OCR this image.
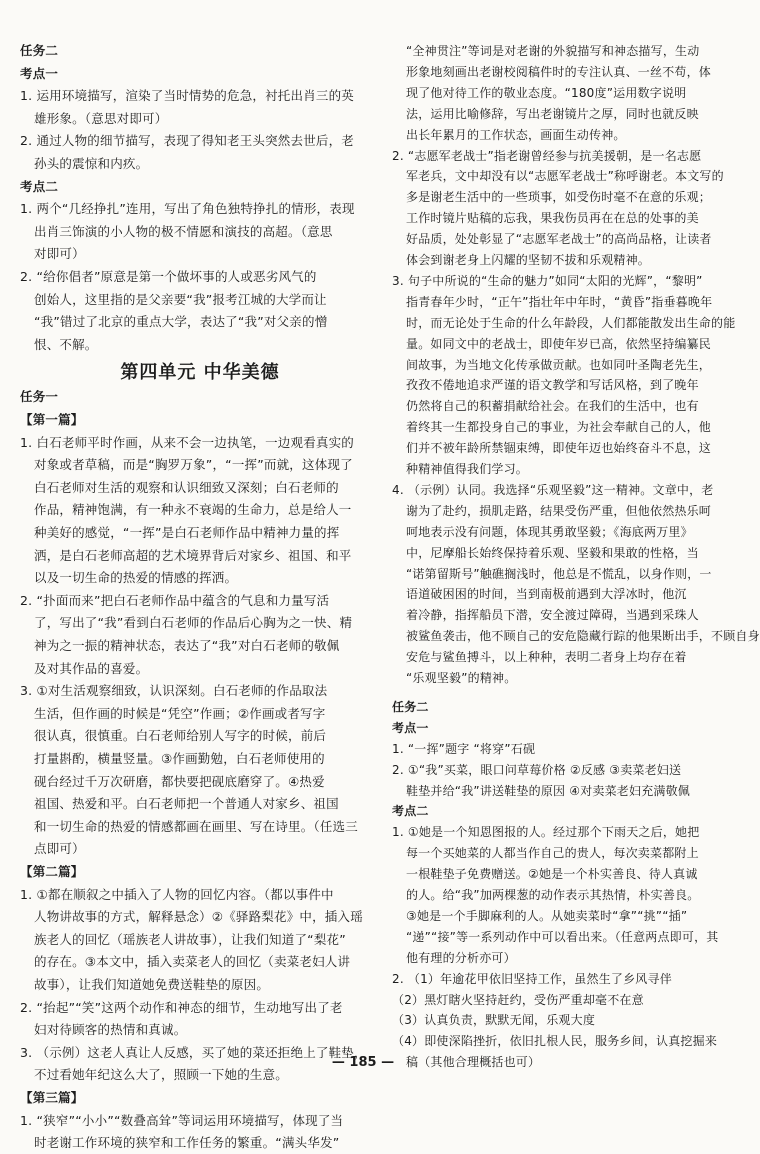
任务二
考点一
1. 运用环境描写，渲染了当时情势的危急，衬托出肖三的英
雄形象。（意思对即可）
2. 通过人物的细节描写，表现了得知老王头突然去世后，老
孙头的震惊和内疚。
考点二
1. 两个“几经挣扎”连用，写出了角色独特挣扎的情形，表现
出肖三饰演的小人物的极不情愿和演技的高超。（意思
对即可）
2. “给你倡者”原意是第一个做坏事的人或恶劣风气的
创始人，这里指的是父亲要“我”报考江城的大学而让
“我”错过了北京的重点大学，表达了“我”对父亲的憎
恨、不解。
第四单元 中华美德
任务一
【第一篇】
1. 白石老师平时作画，从来不会一边执笔，一边观看真实的
对象或者草稿，而是“胸罗万象”，“一挥”而就，这体现了
白石老师对生活的观察和认识细致又深刻；白石老师的
作品，精神饱满，有一种永不衰竭的生命力，总是给人一
种美好的感觉，“一挥”是白石老师作品中精神力量的挥
洒，是白石老师高超的艺术境界背后对家乡、祖国、和平
以及一切生命的热爱的情感的挥洒。
2. “扑面而来”把白石老师作品中蕴含的气息和力量写活
了，写出了“我”看到白石老师的作品后心胸为之一快、精
神为之一振的精神状态，表达了“我”对白石老师的敬佩
及对其作品的喜爱。
3. ①对生活观察细致，认识深刻。白石老师的作品取法
生活，但作画的时候是“凭空”作画；②作画或者写字
很认真，很慎重。白石老师给别人写字的时候，前后
打量斟酌，横量竖量。③作画勤勉，白石老师使用的
砚台经过千万次研磨，都快要把砚底磨穿了。④热爱
祖国、热爱和平。白石老师把一个普通人对家乡、祖国
和一切生命的热爱的情感都画在画里、写在诗里。（任选三
点即可）
【第二篇】
1. ①都在顺叙之中插入了人物的回忆内容。（都以事件中
人物讲故事的方式，解释悬念）②《驿路梨花》中，插入瑶
族老人的回忆（瑶族老人讲故事），让我们知道了“梨花”
的存在。③本文中，插入卖菜老人的回忆（卖菜老妇人讲
故事），让我们知道她免费送鞋垫的原因。
2. “抬起”“笑”这两个动作和神态的细节，生动地写出了老
妇对待顾客的热情和真诚。
3. （示例）这老人真让人反感，买了她的菜还拒绝上了鞋垫，
不过看她年纪这么大了，照顾一下她的生意。
【第三篇】
1. “狭窄”“小小”“数叠高耸”等词运用环境描写，体现了当
时老谢工作环境的狭窄和工作任务的繁重。“满头华发”
“全神贯注”等词是对老谢的外貌描写和神态描写，生动
形象地刻画出老谢校阅稿件时的专注认真、一丝不苟，体
现了他对待工作的敬业态度。“180度”运用数字说明
法，运用比喻修辞，写出老谢镜片之厚，同时也就反映
出长年累月的工作状态，画面生动传神。
2. “志愿军老战士”指老谢曾经参与抗美援朝，是一名志愿
军老兵，文中却没有以“志愿军老战士”称呼谢老。本文写的
多是谢老生活中的一些琐事，如受伤时毫不在意的乐观；
工作时镜片贴稿的忘我，果我伤员再在在总的处事的美
好品质，处处彰显了“志愿军老战士”的高尚品格，让读者
体会到谢老身上闪耀的坚韧不拔和乐观精神。
3. 句子中所说的“生命的魅力”如同“太阳的光辉”，“黎明”
指青春年少时，“正午”指壮年中年时，“黄昏”指垂暮晚年
时，而无论处于生命的什么年龄段，人们都能散发出生命的能
量。如同文中的老战士，即使年岁已高，依然坚持编纂民
间故事，为当地文化传承做贡献。也如同叶圣陶老先生，
孜孜不倦地追求严谨的语文教学和写话风格，到了晚年
仍然将自己的积蓄捐献给社会。在我们的生活中，也有
着终其一生都投身自己的事业，为社会奉献自己的人，他
们并不被年龄所禁锢束缚，即使年迈也始终奋斗不息，这
种精神值得我们学习。
4. （示例）认同。我选择“乐观坚毅”这一精神。文章中，老
谢为了赴约，损肌走路，结果受伤严重，但他依然热乐呵
呵地表示没有问题，体现其勇敢坚毅；《海底两万里》
中，尼摩船长始终保持着乐观、坚毅和果敢的性格，当
“诺第留斯号”触礁搁浅时，他总是不慌乱，以身作则，一
语道破困困的时间，当到南极前遇到大浮冰时，他沉
着冷静，指挥船员下潜，安全渡过障碍，当遇到采珠人
被鲨鱼袭击，他不顾自己的安危隐藏行踪的他果断出手，不顾自身
安危与鲨鱼搏斗，以上种种，表明二者身上均存在着
“乐观坚毅”的精神。
任务二
考点一
1. “一挥”题字 “将穿”石砚
2. ①“我”买菜，眼口问草莓价格 ②反感 ③卖菜老妇送
鞋垫并给“我”讲送鞋垫的原因 ④对卖菜老妇充满敬佩
考点二
1. ①她是一个知恩图报的人。经过那个下雨天之后，她把
每一个买她菜的人都当作自己的贵人，每次卖菜都附上
一根鞋垫子免费赠送。②她是一个朴实善良、待人真诚
的人。给“我”加两棵葱的动作表示其热情，朴实善良。
③她是一个手脚麻利的人。从她卖菜时“拿”“挑”“插”
“递”“接”等一系列动作中可以看出来。（任意两点即可，其
他有理的分析亦可）
2. （1）年逾花甲依旧坚持工作，虽然生了乡风寻伴
（2）黑灯瞎火坚持赶约，受伤严重却毫不在意
（3）认真负责，默默无闻，乐观大度
（4）即使深陷挫折，依旧扎根人民，服务乡间，认真挖掘来
稿（其他合理概括也可）
— 185 —
